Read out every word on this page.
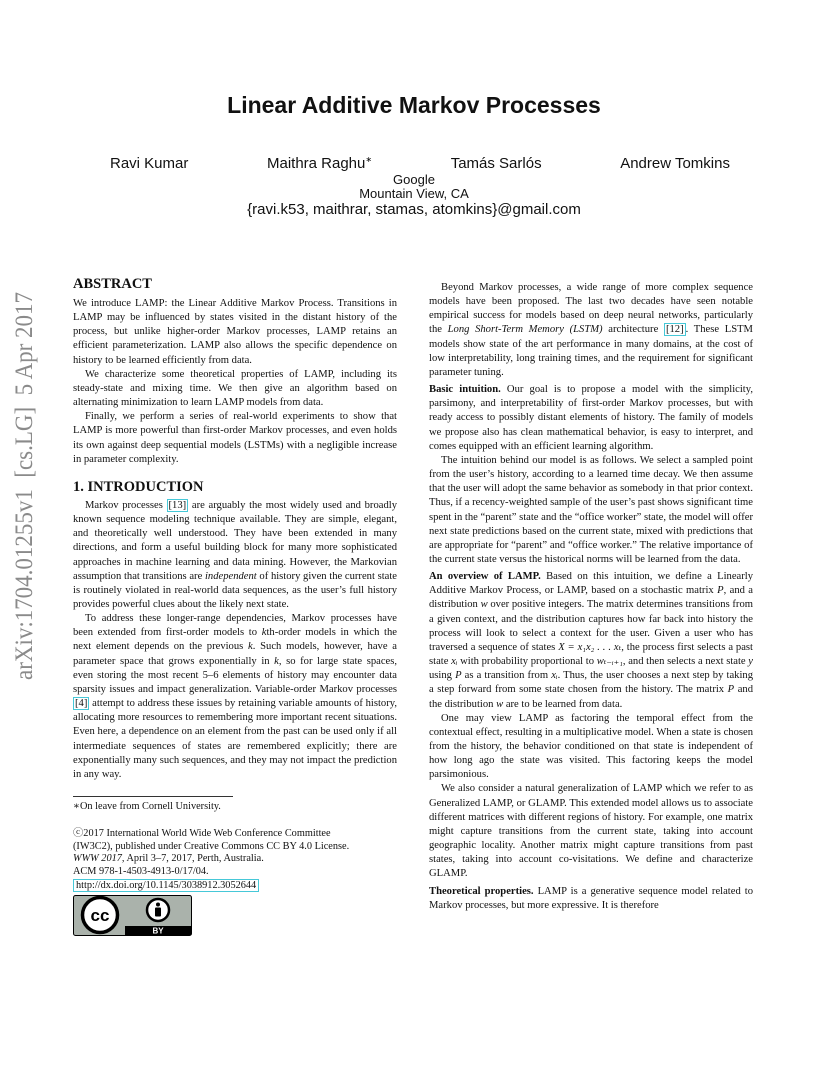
Linear Additive Markov Processes
Ravi Kumar	Maithra Raghu∗	Tamás Sarlós	Andrew Tomkins
Google
Mountain View, CA
{ravi.k53, maithrar, stamas, atomkins}@gmail.com
arXiv:1704.01255v1  [cs.LG]  5 Apr 2017 ABSTRACT

We introduce LAMP: the Linear Additive Markov Process. Transitions in LAMP may be influenced by states visited in the distant history of the process, but unlike higher-order Markov processes, LAMP retains an efficient parameterization. LAMP also allows the specific dependence on history to be learned efficiently from data.

We characterize some theoretical properties of LAMP, including its steady-state and mixing time. We then give an algorithm based on alternating minimization to learn LAMP models from data.

Finally, we perform a series of real-world experiments to show that LAMP is more powerful than first-order Markov processes, and even holds its own against deep sequential models (LSTMs) with a negligible increase in parameter complexity.

1. INTRODUCTION

Markov processes [13] are arguably the most widely used and broadly known sequence modeling technique available. They are simple, elegant, and theoretically well understood. They have been extended in many directions, and form a useful building block for many more sophisticated approaches in machine learning and data mining. However, the Markovian assumption that transitions are independent of history given the current state is routinely violated in real-world data sequences, as the user’s full history provides powerful clues about the likely next state.

To address these longer-range dependencies, Markov processes have been extended from first-order models to kth-order models in which the next element depends on the previous k. Such models, however, have a parameter space that grows exponentially in k, so for large state spaces, even storing the most recent 5–6 elements of history may encounter data sparsity issues and impact generalization. Variable-order Markov processes [4] attempt to address these issues by retaining variable amounts of history, allocating more resources to remembering more important recent situations. Even here, a dependence on an element from the past can be used only if all intermediate sequences of states are remembered explicitly; there are exponentially many such sequences, and they may not impact the prediction in any way.

∗On leave from Cornell University.

ⓒ2017 International World Wide Web Conference Committee
(IW3C2), published under Creative Commons CC BY 4.0 License.
WWW 2017, April 3–7, 2017, Perth, Australia.
ACM 978-1-4503-4913-0/17/04.
http://dx.doi.org/10.1145/3038912.3052644
cc
BY

Beyond Markov processes, a wide range of more complex sequence models have been proposed. The last two decades have seen notable empirical success for models based on deep neural networks, particularly the Long Short-Term Memory (LSTM) architecture [12] . These LSTM models show state of the art performance in many domains, at the cost of low interpretability, long training times, and the requirement for significant parameter tuning.

Basic intuition. Our goal is to propose a model with the simplicity, parsimony, and interpretability of first-order Markov processes, but with ready access to possibly distant elements of history. The family of models we propose also has clean mathematical behavior, is easy to interpret, and comes equipped with an efficient learning algorithm.

The intuition behind our model is as follows. We select a sampled point from the user’s history, according to a learned time decay. We then assume that the user will adopt the same behavior as somebody in that prior context. Thus, if a recency-weighted sample of the user’s past shows significant time spent in the “parent” state and the “office worker” state, the model will offer next state predictions based on the current state, mixed with predictions that are appropriate for “parent” and “office worker.” The relative importance of the current state versus the historical norms will be learned from the data.

An overview of LAMP. Based on this intuition, we define a Linearly Additive Markov Process, or LAMP, based on a stochastic matrix P, and a distribution w over positive integers. The matrix determines transitions from a given context, and the distribution captures how far back into history the process will look to select a context for the user. Given a user who has traversed a sequence of states X = x₁x₂ . . . xₜ, the process first selects a past state xᵢ with probability proportional to wₜ₋ᵢ₊₁, and then selects a next state y using P as a transition from xᵢ. Thus, the user chooses a next step by taking a step forward from some state chosen from the history. The matrix P and the distribution w are to be learned from data.

One may view LAMP as factoring the temporal effect from the contextual effect, resulting in a multiplicative model. When a state is chosen from the history, the behavior conditioned on that state is independent of how long ago the state was visited. This factoring keeps the model parsimonious.

We also consider a natural generalization of LAMP which we refer to as Generalized LAMP, or GLAMP. This extended model allows us to associate different matrices with different regions of history. For example, one matrix might capture transitions from the current state, taking into account geographic locality. Another matrix might capture transitions from past states, taking into account co-visitations. We define and characterize GLAMP.

Theoretical properties. LAMP is a generative sequence model related to Markov processes, but more expressive. It is therefore
